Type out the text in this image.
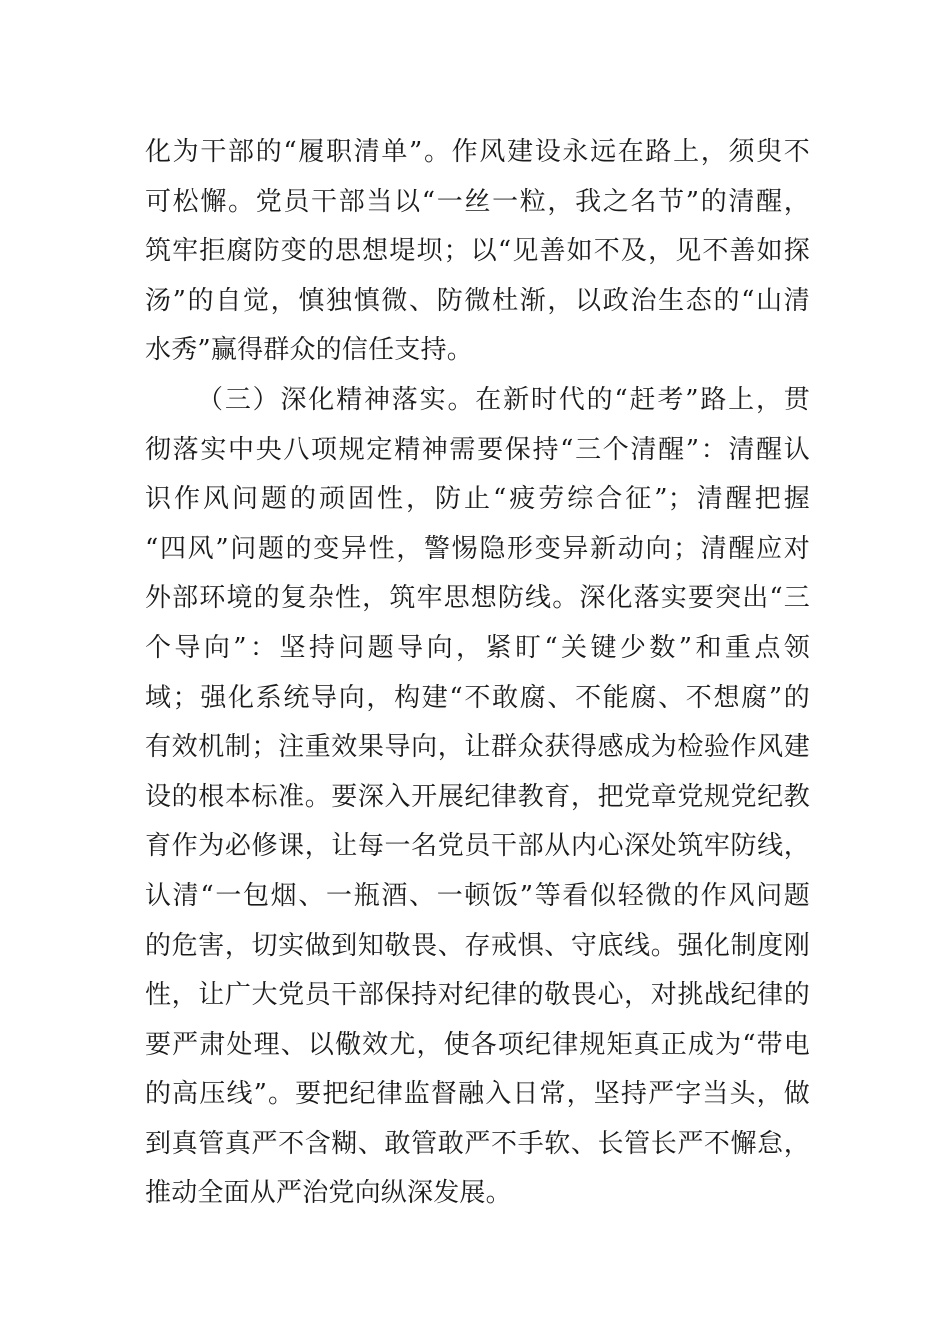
化为干部的“履职清单”。作风建设永远在路上，须臾不
可松懈。党员干部当以“一丝一粒，我之名节”的清醒，
筑牢拒腐防变的思想堤坝；以“见善如不及，见不善如探
汤”的自觉，慎独慎微、防微杜渐，以政治生态的“山清
水秀”赢得群众的信任支持。
（三）深化精神落实。在新时代的“赶考”路上，贯
彻落实中央八项规定精神需要保持“三个清醒”：清醒认
识作风问题的顽固性，防止“疲劳综合征”；清醒把握
“四风”问题的变异性，警惕隐形变异新动向；清醒应对
外部环境的复杂性，筑牢思想防线。深化落实要突出“三
个导向”：坚持问题导向，紧盯“关键少数”和重点领
域；强化系统导向，构建“不敢腐、不能腐、不想腐”的
有效机制；注重效果导向，让群众获得感成为检验作风建
设的根本标准。要深入开展纪律教育，把党章党规党纪教
育作为必修课，让每一名党员干部从内心深处筑牢防线，
认清“一包烟、一瓶酒、一顿饭”等看似轻微的作风问题
的危害，切实做到知敬畏、存戒惧、守底线。强化制度刚
性，让广大党员干部保持对纪律的敬畏心，对挑战纪律的
要严肃处理、以儆效尤，使各项纪律规矩真正成为“带电
的高压线”。要把纪律监督融入日常，坚持严字当头，做
到真管真严不含糊、敢管敢严不手软、长管长严不懈怠，
推动全面从严治党向纵深发展。
